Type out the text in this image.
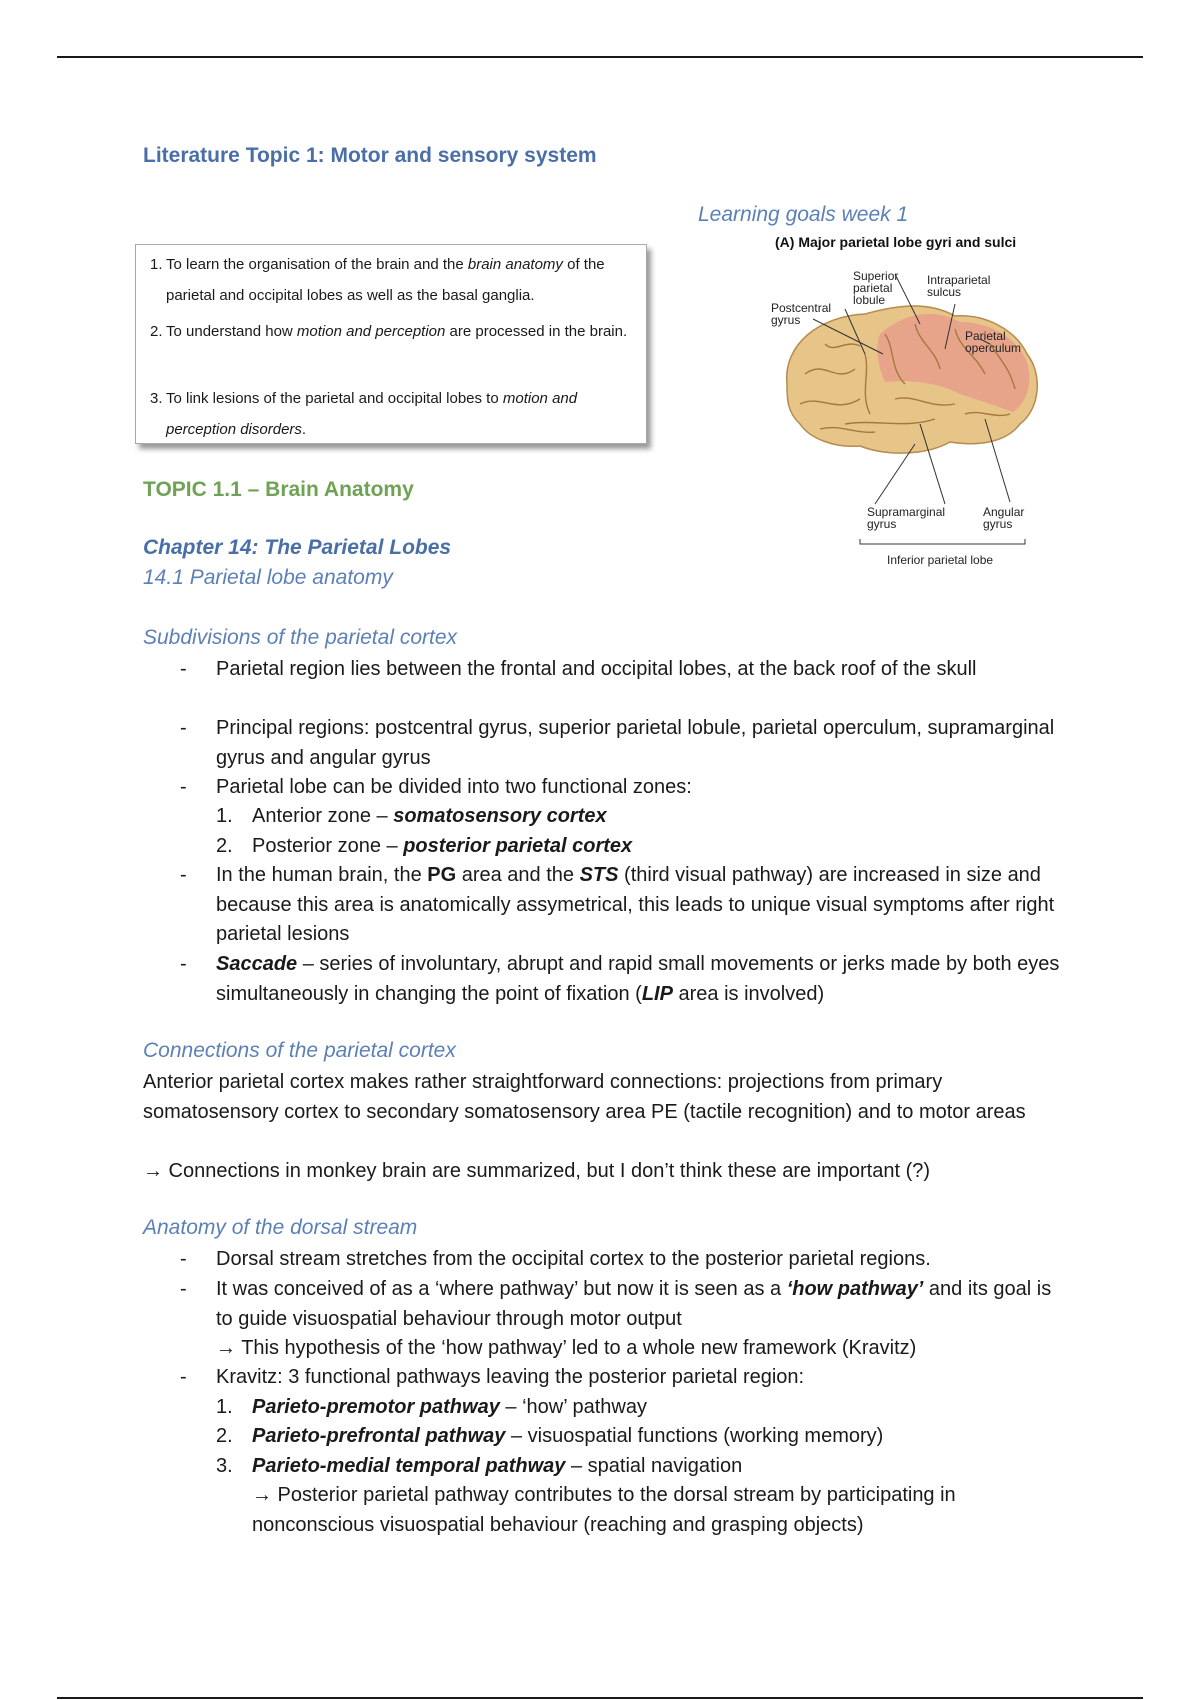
Literature Topic 1: Motor and sensory system
Learning goals week 1
1. To learn the organisation of the brain and the brain anatomy of the parietal and occipital lobes as well as the basal ganglia.
2. To understand how motion and perception are processed in the brain.
3. To link lesions of the parietal and occipital lobes to motion and perception disorders.
(A) Major parietal lobe gyri and sulci
Postcentral gyrus
Superior parietal lobule
Intraparietal sulcus
Parietal operculum
Supramarginal gyrus
Angular gyrus
Inferior parietal lobe
TOPIC 1.1 – Brain Anatomy
Chapter 14: The Parietal Lobes
14.1 Parietal lobe anatomy
Subdivisions of the parietal cortex
- Parietal region lies between the frontal and occipital lobes, at the back roof of the skull
- Principal regions: postcentral gyrus, superior parietal lobule, parietal operculum, supramarginal gyrus and angular gyrus
- Parietal lobe can be divided into two functional zones:
1. Anterior zone – somatosensory cortex
2. Posterior zone – posterior parietal cortex
- In the human brain, the PG area and the STS (third visual pathway) are increased in size and because this area is anatomically assymetrical, this leads to unique visual symptoms after right parietal lesions
- Saccade – series of involuntary, abrupt and rapid small movements or jerks made by both eyes simultaneously in changing the point of fixation (LIP area is involved)
Connections of the parietal cortex
Anterior parietal cortex makes rather straightforward connections: projections from primary somatosensory cortex to secondary somatosensory area PE (tactile recognition) and to motor areas
→ Connections in monkey brain are summarized, but I don’t think these are important (?)
Anatomy of the dorsal stream
- Dorsal stream stretches from the occipital cortex to the posterior parietal regions.
- It was conceived of as a ‘where pathway’ but now it is seen as a ‘how pathway’ and its goal is to guide visuospatial behaviour through motor output
→ This hypothesis of the ‘how pathway’ led to a whole new framework (Kravitz)
- Kravitz: 3 functional pathways leaving the posterior parietal region:
1. Parieto-premotor pathway – ‘how’ pathway
2. Parieto-prefrontal pathway – visuospatial functions (working memory)
3. Parieto-medial temporal pathway – spatial navigation
→ Posterior parietal pathway contributes to the dorsal stream by participating in nonconscious visuospatial behaviour (reaching and grasping objects)
